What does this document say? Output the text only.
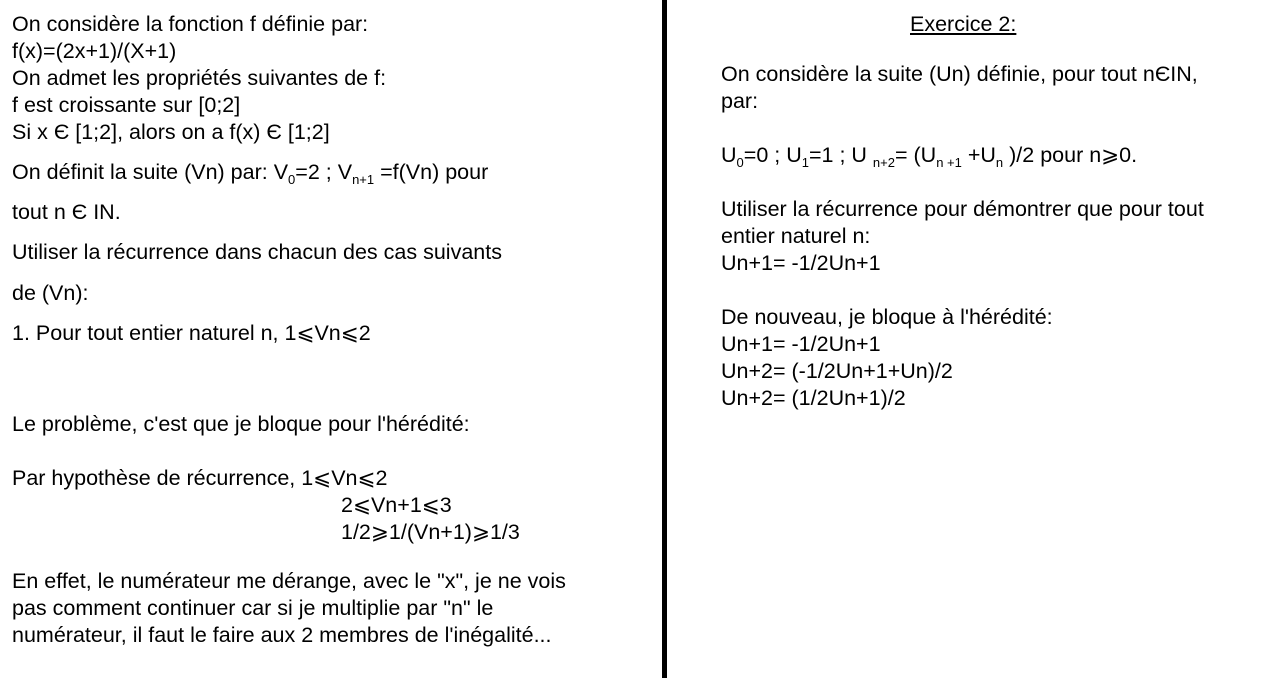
On considère la fonction f définie par:
f(x)=(2x+1)/(X+1)
On admet les propriétés suivantes de f:
f est croissante sur [0;2]
Si x Є [1;2], alors on a f(x) Є [1;2]
On définit la suite (Vn) par: $V_0=2$ ; $V_{n+1} =f(Vn)$ pour
tout n Є IN.
Utiliser la récurrence dans chacun des cas suivants
de (Vn):
1. Pour tout entier naturel n, 1⩽Vn⩽2
Le problème, c'est que je bloque pour l'hérédité:
Par hypothèse de récurrence, 1⩽Vn⩽2
2⩽Vn+1⩽3
1/2⩾1/(Vn+1)⩾1/3
En effet, le numérateur me dérange, avec le "x", je ne vois
pas comment continuer car si je multiplie par "n" le
numérateur, il faut le faire aux 2 membres de l'inégalité...
Exercice 2:
On considère la suite (Un) définie, pour tout nЄIN,
par:
$U_0=0$ ; $U_1=1$ ; U $_{n+2}= (U_{n +1} +U_n$ )/2 pour n⩾0.
Utiliser la récurrence pour démontrer que pour tout
entier naturel n:
Un+1= -1/2Un+1
De nouveau, je bloque à l'hérédité:
Un+1= -1/2Un+1
Un+2= (-1/2Un+1+Un)/2
Un+2= (1/2Un+1)/2
